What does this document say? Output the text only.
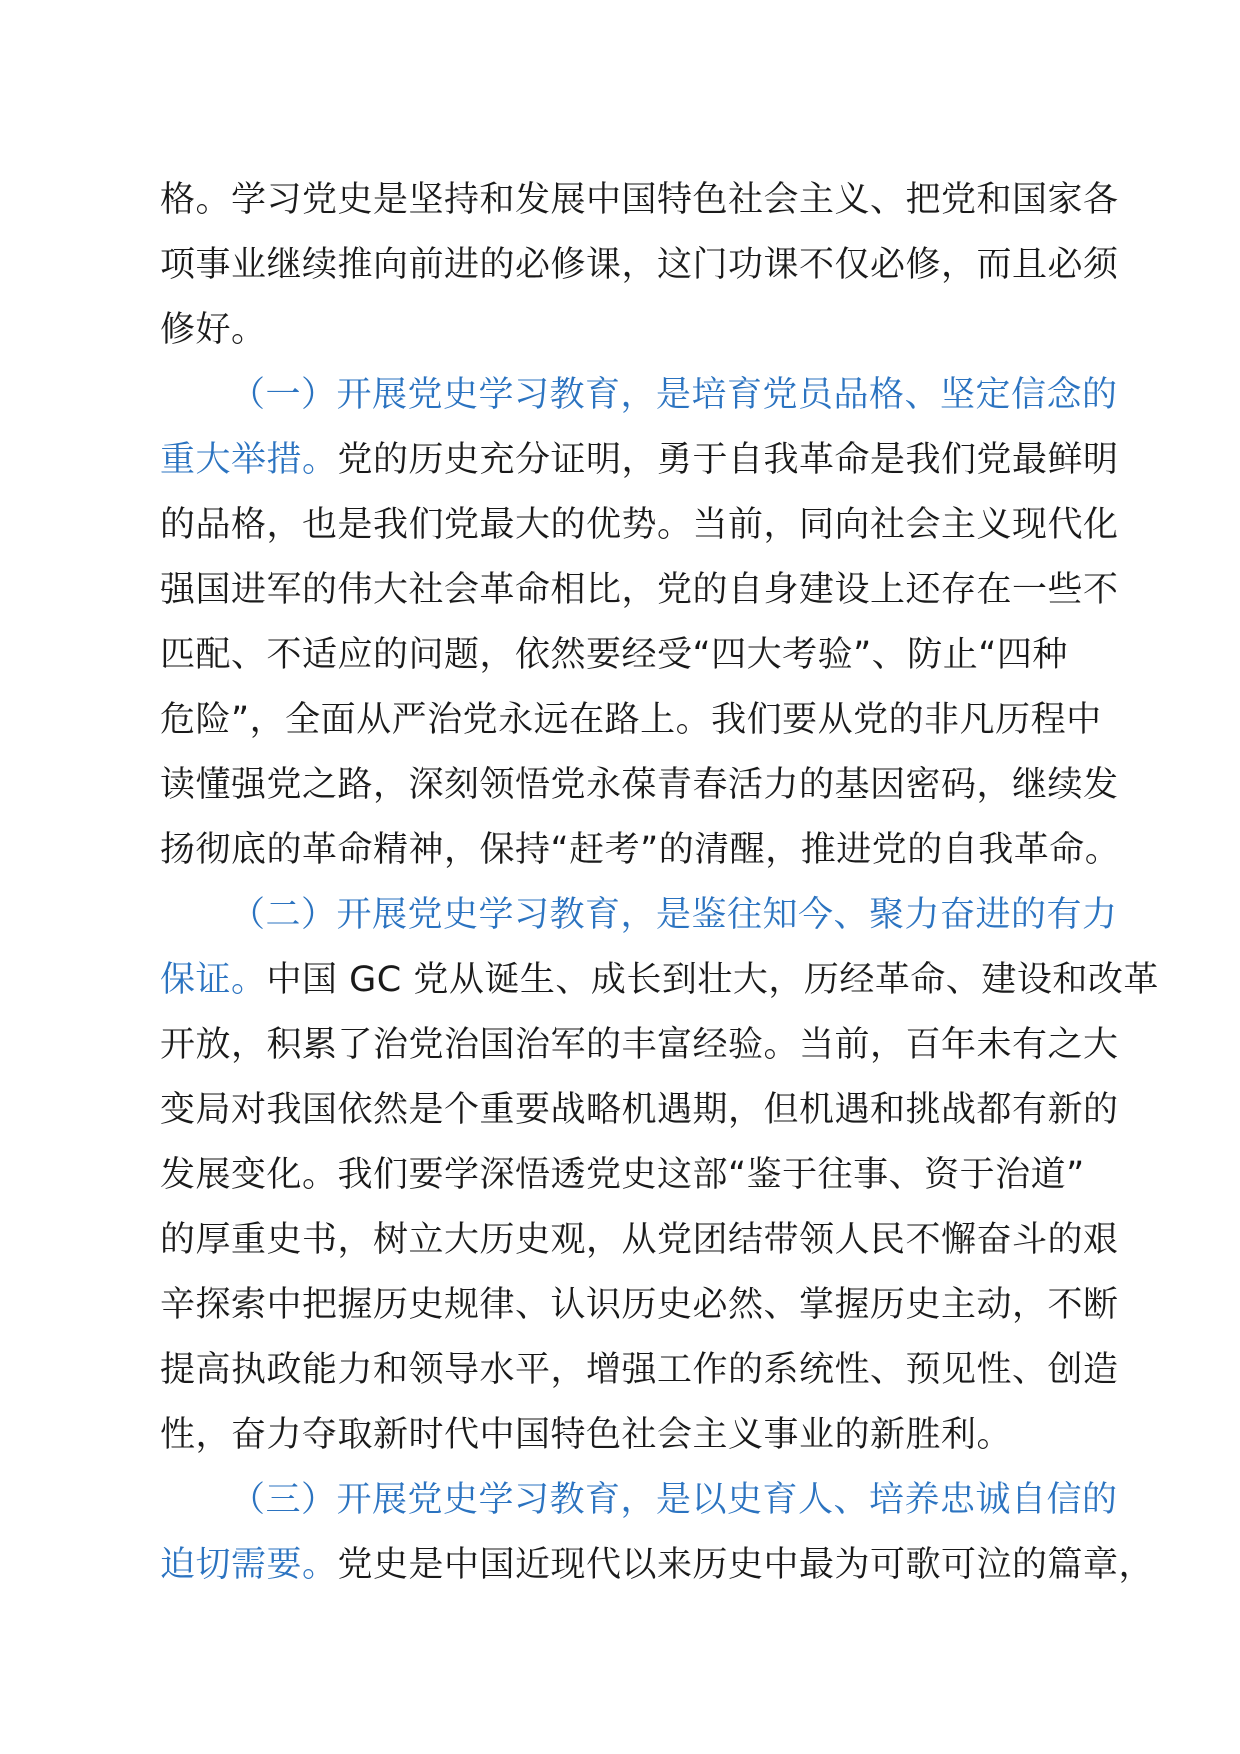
格。学习党史是坚持和发展中国特色社会主义、把党和国家各
项事业继续推向前进的必修课，这门功课不仅必修，而且必须
修好。
（一）开展党史学习教育，是培育党员品格、坚定信念的
重大举措。党的历史充分证明，勇于自我革命是我们党最鲜明
的品格，也是我们党最大的优势。当前，同向社会主义现代化
强国进军的伟大社会革命相比，党的自身建设上还存在一些不
匹配、不适应的问题，依然要经受“四大考验”、防止“四种
危险”，全面从严治党永远在路上。我们要从党的非凡历程中
读懂强党之路，深刻领悟党永葆青春活力的基因密码，继续发
扬彻底的革命精神，保持“赶考”的清醒，推进党的自我革命。
（二）开展党史学习教育，是鉴往知今、聚力奋进的有力
保证。中国 GC 党从诞生、成长到壮大，历经革命、建设和改革
开放，积累了治党治国治军的丰富经验。当前，百年未有之大
变局对我国依然是个重要战略机遇期，但机遇和挑战都有新的
发展变化。我们要学深悟透党史这部“鉴于往事、资于治道”
的厚重史书，树立大历史观，从党团结带领人民不懈奋斗的艰
辛探索中把握历史规律、认识历史必然、掌握历史主动，不断
提高执政能力和领导水平，增强工作的系统性、预见性、创造
性，奋力夺取新时代中国特色社会主义事业的新胜利。
（三）开展党史学习教育，是以史育人、培养忠诚自信的
迫切需要。党史是中国近现代以来历史中最为可歌可泣的篇章，
